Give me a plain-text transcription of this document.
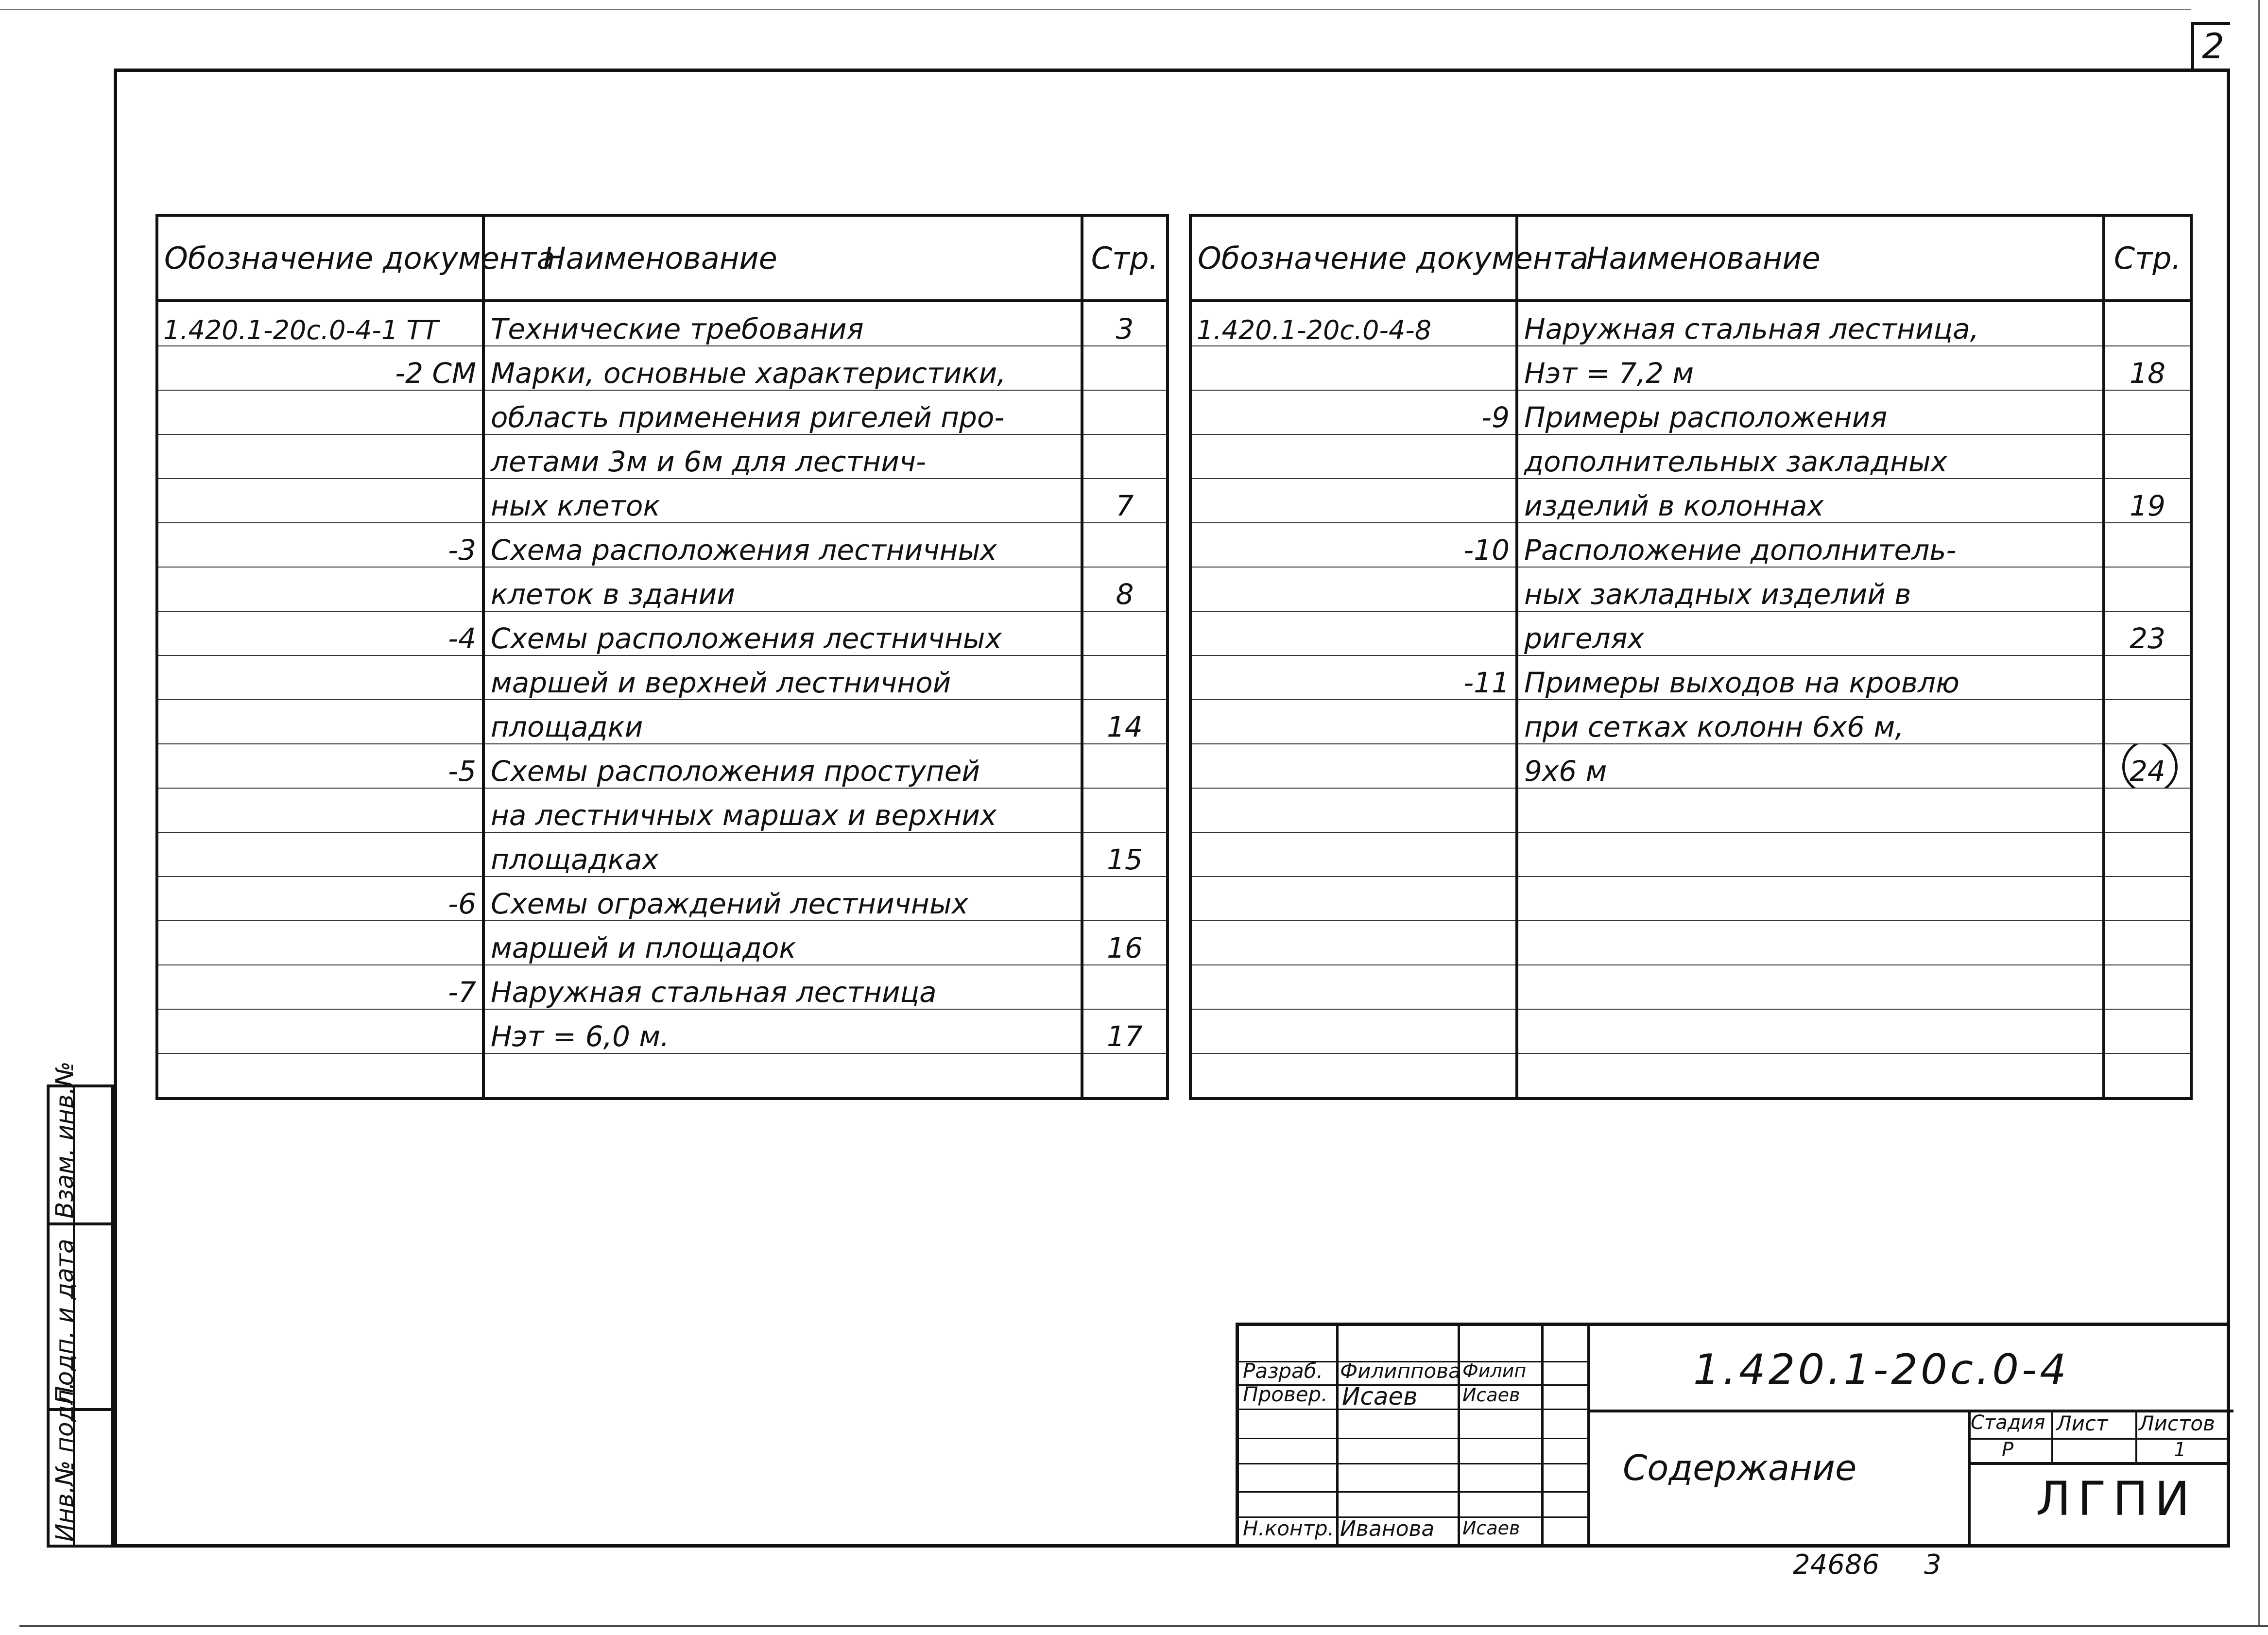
2
Обозначение документа	Наименование	Стр.
1.420.1-20с.0-4-1 ТТ	Технические требования	3
-2 СМ	Марки, основные характеристики,	
	область применения ригелей про-	
	летами 3м и 6м для лестнич-	
	ных клеток	7
-3	Схема расположения лестничных	
	клеток в здании	8
-4	Схемы расположения лестничных	
	маршей и верхней лестничной	
	площадки	14
-5	Схемы расположения проступей	
	на лестничных маршах и верхних	
	площадках	15
-6	Схемы ограждений лестничных	
	маршей и площадок	16
-7	Наружная стальная лестница	
	Нэт = 6,0 м.	17

Обозначение документа	Наименование	Стр.
1.420.1-20с.0-4-8	Наружная стальная лестница,	
	Нэт = 7,2 м	18
-9	Примеры расположения	
	дополнительных закладных	
	изделий в колоннах	19
-10	Расположение дополнитель-	
	ных закладных изделий в	
	ригелях	23
-11	Примеры выходов на кровлю	
	при сетках колонн 6х6 м,	
	9х6 м	24

Взам. инв.№
Подп. и дата
Инв.№ подл.
Разраб.
Провер.
Н.контр.
Филиппова
Исаев
Иванова
Филип
Исаев
Исаев
1.420.1-20с.0-4
Содержание
Стадия Лист Листов
Р	1
ЛГПИ
24686 3
